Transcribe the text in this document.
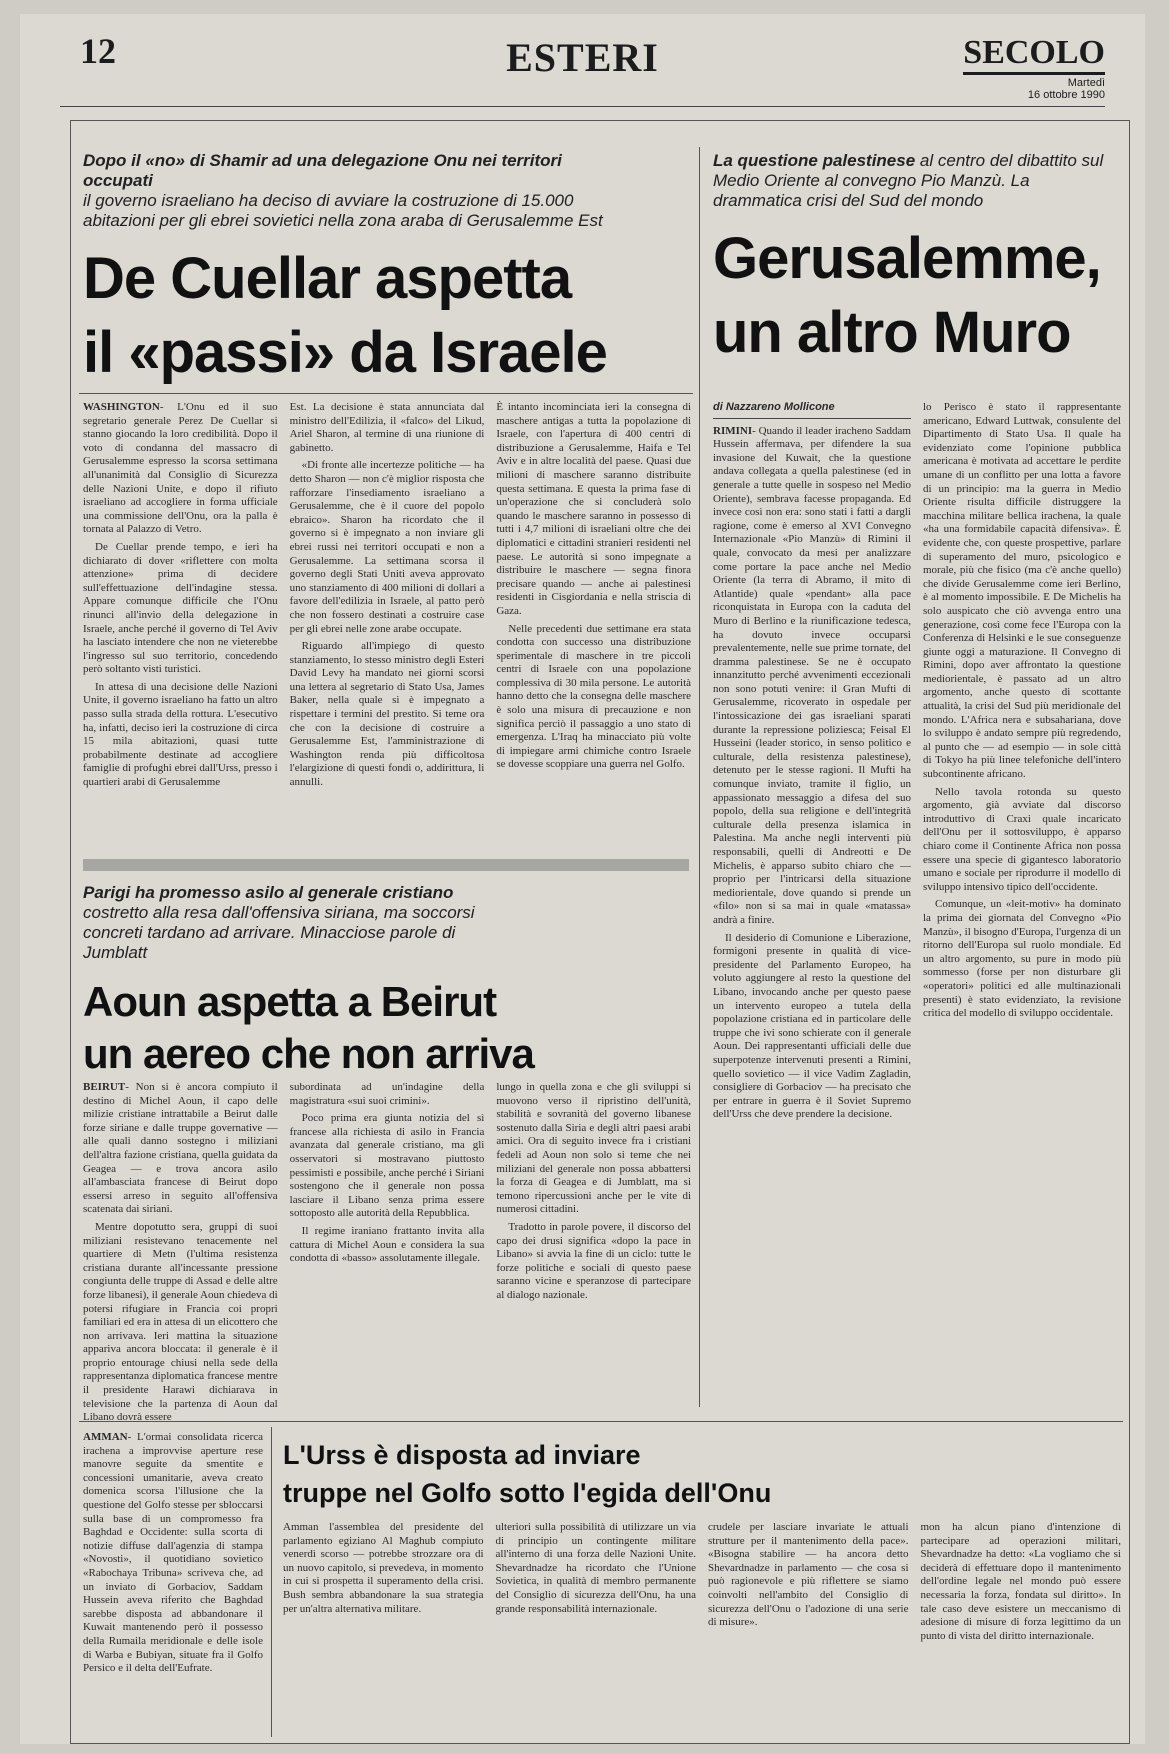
12	ESTERI	SECOLO
Martedì
16 ottobre 1990
Dopo il «no» di Shamir ad una delegazione Onu nei territori occupati
il governo israeliano ha deciso di avviare la costruzione di 15.000 abitazioni per gli ebrei sovietici nella zona araba di Gerusalemme Est
De Cuellar aspetta
il «passi» da Israele

WASHINGTON- L'Onu ed il suo segretario generale Perez De Cuellar si stanno giocando la loro credibilità. Dopo il voto di condanna del massacro di Gerusalemme espresso la scorsa settimana all'unanimità dal Consiglio di Sicurezza delle Nazioni Unite, e dopo il rifiuto israeliano ad accogliere in forma ufficiale una commissione dell'Onu, ora la palla è tornata al Palazzo di Vetro.

De Cuellar prende tempo, e ieri ha dichiarato di dover «riflettere con molta attenzione» prima di decidere sull'effettuazione dell'indagine stessa. Appare comunque difficile che l'Onu rinunci all'invio della delegazione in Israele, anche perché il governo di Tel Aviv ha lasciato intendere che non ne vieterebbe l'ingresso sul suo territorio, concedendo però soltanto visti turistici.

In attesa di una decisione delle Nazioni Unite, il governo israeliano ha fatto un altro passo sulla strada della rottura. L'esecutivo ha, infatti, deciso ieri la costruzione di circa 15 mila abitazioni, quasi tutte probabilmente destinate ad accogliere famiglie di profughi ebrei dall'Urss, presso i quartieri arabi di Gerusalemme

Est. La decisione è stata annunciata dal ministro dell'Edilizia, il «falco» del Likud, Ariel Sharon, al termine di una riunione di gabinetto.

«Di fronte alle incertezze politiche — ha detto Sharon — non c'è miglior risposta che rafforzare l'insediamento israeliano a Gerusalemme, che è il cuore del popolo ebraico». Sharon ha ricordato che il governo si è impegnato a non inviare gli ebrei russi nei territori occupati e non a Gerusalemme. La settimana scorsa il governo degli Stati Uniti aveva approvato uno stanziamento di 400 milioni di dollari a favore dell'edilizia in Israele, al patto però che non fossero destinati a costruire case per gli ebrei nelle zone arabe occupate.

Riguardo all'impiego di questo stanziamento, lo stesso ministro degli Esteri David Levy ha mandato nei giorni scorsi una lettera al segretario di Stato Usa, James Baker, nella quale si è impegnato a rispettare i termini del prestito. Si teme ora che con la decisione di costruire a Gerusalemme Est, l'amministrazione di Washington renda più difficoltosa l'elargizione di questi fondi o, addirittura, li annulli.

È intanto incominciata ieri la consegna di maschere antigas a tutta la popolazione di Israele, con l'apertura di 400 centri di distribuzione a Gerusalemme, Haifa e Tel Aviv e in altre località del paese. Quasi due milioni di maschere saranno distribuite questa settimana. E questa la prima fase di un'operazione che si concluderà solo quando le maschere saranno in possesso di tutti i 4,7 milioni di israeliani oltre che dei diplomatici e cittadini stranieri residenti nel paese. Le autorità si sono impegnate a distribuire le maschere — segna finora precisare quando — anche ai palestinesi residenti in Cisgiordania e nella striscia di Gaza.

Nelle precedenti due settimane era stata condotta con successo una distribuzione sperimentale di maschere in tre piccoli centri di Israele con una popolazione complessiva di 30 mila persone. Le autorità hanno detto che la consegna delle maschere è solo una misura di precauzione e non significa perciò il passaggio a uno stato di emergenza. L'Iraq ha minacciato più volte di impiegare armi chimiche contro Israele se dovesse scoppiare una guerra nel Golfo.

La questione palestinese al centro del dibattito sul Medio Oriente al convegno Pio Manzù. La drammatica crisi del Sud del mondo
Gerusalemme,
un altro Muro
di Nazzareno Mollicone

RIMINI- Quando il leader iracheno Saddam Hussein affermava, per difendere la sua invasione del Kuwait, che la questione andava collegata a quella palestinese (ed in generale a tutte quelle in sospeso nel Medio Oriente), sembrava facesse propaganda. Ed invece così non era: sono stati i fatti a dargli ragione, come è emerso al XVI Convegno Internazionale «Pio Manzù» di Rimini il quale, convocato da mesi per analizzare come portare la pace anche nel Medio Oriente (la terra di Abramo, il mito di Atlantide) quale «pendant» alla pace riconquistata in Europa con la caduta del Muro di Berlino e la riunificazione tedesca, ha dovuto invece occuparsi prevalentemente, nelle sue prime tornate, del dramma palestinese. Se ne è occupato innanzitutto perché avvenimenti eccezionali non sono potuti venire: il Gran Mufti di Gerusalemme, ricoverato in ospedale per l'intossicazione dei gas israeliani sparati durante la repressione poliziesca; Feisal El Husseini (leader storico, in senso politico e culturale, della resistenza palestinese), detenuto per le stesse ragioni. Il Mufti ha comunque inviato, tramite il figlio, un appassionato messaggio a difesa del suo popolo, della sua religione e dell'integrità culturale della presenza islamica in Palestina. Ma anche negli interventi più responsabili, quelli di Andreotti e De Michelis, è apparso subito chiaro che — proprio per l'intricarsi della situazione mediorientale, dove quando si prende un «filo» non si sa mai in quale «matassa» andrà a finire.

Il desiderio di Comunione e Liberazione, formigoni presente in qualità di vice-presidente del Parlamento Europeo, ha voluto aggiungere al resto la questione del Libano, invocando anche per questo paese un intervento europeo a tutela della popolazione cristiana ed in particolare delle truppe che ivi sono schierate con il generale Aoun. Dei rappresentanti ufficiali delle due superpotenze intervenuti presenti a Rimini, quello sovietico — il vice Vadim Zagladin, consigliere di Gorbaciov — ha precisato che per entrare in guerra è il Soviet Supremo dell'Urss che deve prendere la decisione.

lo Perisco è stato il rappresentante americano, Edward Luttwak, consulente del Dipartimento di Stato Usa. Il quale ha evidenziato come l'opinione pubblica americana è motivata ad accettare le perdite umane di un conflitto per una lotta a favore di un principio: ma la guerra in Medio Oriente risulta difficile distruggere la macchina militare bellica irachena, la quale «ha una formidabile capacità difensiva». È evidente che, con queste prospettive, parlare di superamento del muro, psicologico e morale, più che fisico (ma c'è anche quello) che divide Gerusalemme come ieri Berlino, è al momento impossibile. E De Michelis ha solo auspicato che ciò avvenga entro una generazione, così come fece l'Europa con la Conferenza di Helsinki e le sue conseguenze giunte oggi a maturazione. Il Convegno di Rimini, dopo aver affrontato la questione mediorientale, è passato ad un altro argomento, anche questo di scottante attualità, la crisi del Sud più meridionale del mondo. L'Africa nera e subsahariana, dove lo sviluppo è andato sempre più regredendo, al punto che — ad esempio — in sole città di Tokyo ha più linee telefoniche dell'intero subcontinente africano.

Nello tavola rotonda su questo argomento, già avviate dal discorso introduttivo di Craxi quale incaricato dell'Onu per il sottosviluppo, è apparso chiaro come il Continente Africa non possa essere una specie di gigantesco laboratorio umano e sociale per riprodurre il modello di sviluppo intensivo tipico dell'occidente.

Comunque, un «leit-motiv» ha dominato la prima dei giornata del Convegno «Pio Manzù», il bisogno d'Europa, l'urgenza di un ritorno dell'Europa sul ruolo mondiale. Ed un altro argomento, su pure in modo più sommesso (forse per non disturbare gli «operatori» politici ed alle multinazionali presenti) è stato evidenziato, la revisione critica del modello di sviluppo occidentale.

Parigi ha promesso asilo al generale cristiano costretto alla resa dall'offensiva siriana, ma soccorsi concreti tardano ad arrivare. Minacciose parole di Jumblatt
Aoun aspetta a Beirut
un aereo che non arriva

BEIRUT- Non si è ancora compiuto il destino di Michel Aoun, il capo delle milizie cristiane intrattabile a Beirut dalle forze siriane e dalle truppe governative — alle quali danno sostegno i miliziani dell'altra fazione cristiana, quella guidata da Geagea — e trova ancora asilo all'ambasciata francese di Beirut dopo essersi arreso in seguito all'offensiva scatenata dai siriani.

Mentre dopotutto sera, gruppi di suoi miliziani resistevano tenacemente nel quartiere di Metn (l'ultima resistenza cristiana durante all'incessante pressione congiunta delle truppe di Assad e delle altre forze libanesi), il generale Aoun chiedeva di potersi rifugiare in Francia coi propri familiari ed era in attesa di un elicottero che non arrivava. Ieri mattina la situazione appariva ancora bloccata: il generale è il proprio entourage chiusi nella sede della rappresentanza diplomatica francese mentre il presidente Harawi dichiarava in televisione che la partenza di Aoun dal Libano dovrà essere

subordinata ad un'indagine della magistratura «sui suoi crimini».

Poco prima era giunta notizia del sì francese alla richiesta di asilo in Francia avanzata dal generale cristiano, ma gli osservatori si mostravano piuttosto pessimisti e possibile, anche perché i Siriani sostengono che il generale non possa lasciare il Libano senza prima essere sottoposto alle autorità della Repubblica.

Il regime iraniano frattanto invita alla cattura di Michel Aoun e considera la sua condotta di «basso» assolutamente illegale.

lungo in quella zona e che gli sviluppi si muovono verso il ripristino dell'unità, stabilità e sovranità del governo libanese sostenuto dalla Siria e degli altri paesi arabi amici. Ora di seguito invece fra i cristiani fedeli ad Aoun non solo si teme che nei miliziani del generale non possa abbattersi la forza di Geagea e di Jumblatt, ma si temono ripercussioni anche per le vite di numerosi cittadini.

Tradotto in parole povere, il discorso del capo dei drusi significa «dopo la pace in Libano» si avvia la fine di un ciclo: tutte le forze politiche e sociali di questo paese saranno vicine e speranzose di partecipare al dialogo nazionale.

AMMAN- L'ormai consolidata ricerca irachena a improvvise aperture rese manovre seguite da smentite e concessioni umanitarie, aveva creato domenica scorsa l'illusione che la questione del Golfo stesse per sbloccarsi sulla base di un compromesso fra Baghdad e Occidente: sulla scorta di notizie diffuse dall'agenzia di stampa «Novosti», il quotidiano sovietico «Rabochaya Tribuna» scriveva che, ad un inviato di Gorbaciov, Saddam Hussein aveva riferito che Baghdad sarebbe disposta ad abbandonare il Kuwait mantenendo però il possesso della Rumaila meridionale e delle isole di Warba e Bubiyan, situate fra il Golfo Persico e il delta dell'Eufrate.

L'Urss è disposta ad inviare
truppe nel Golfo sotto l'egida dell'Onu

Amman l'assemblea del presidente del parlamento egiziano Al Maghub compiuto venerdì scorso — potrebbe strozzare ora di un nuovo capitolo, si prevedeva, in momento in cui si prospetta il superamento della crisi. Bush sembra abbandonare la sua strategia per un'altra alternativa militare.

ulteriori sulla possibilità di utilizzare un via di principio un contingente militare all'interno di una forza delle Nazioni Unite. Shevardnadze ha ricordato che l'Unione Sovietica, in qualità di membro permanente del Consiglio di sicurezza dell'Onu, ha una grande responsabilità internazionale.

crudele per lasciare invariate le attuali strutture per il mantenimento della pace». «Bisogna stabilire — ha ancora detto Shevardnadze in parlamento — che cosa si può ragionevole e più riflettere se siamo coinvolti nell'ambito del Consiglio di sicurezza dell'Onu o l'adozione di una serie di misure».

mon ha alcun piano d'intenzione di partecipare ad operazioni militari, Shevardnadze ha detto: «La vogliamo che si deciderà di effettuare dopo il mantenimento dell'ordine legale nel mondo può essere necessaria la forza, fondata sul diritto». In tale caso deve esistere un meccanismo di adesione di misure di forza legittimo da un punto di vista del diritto internazionale.
